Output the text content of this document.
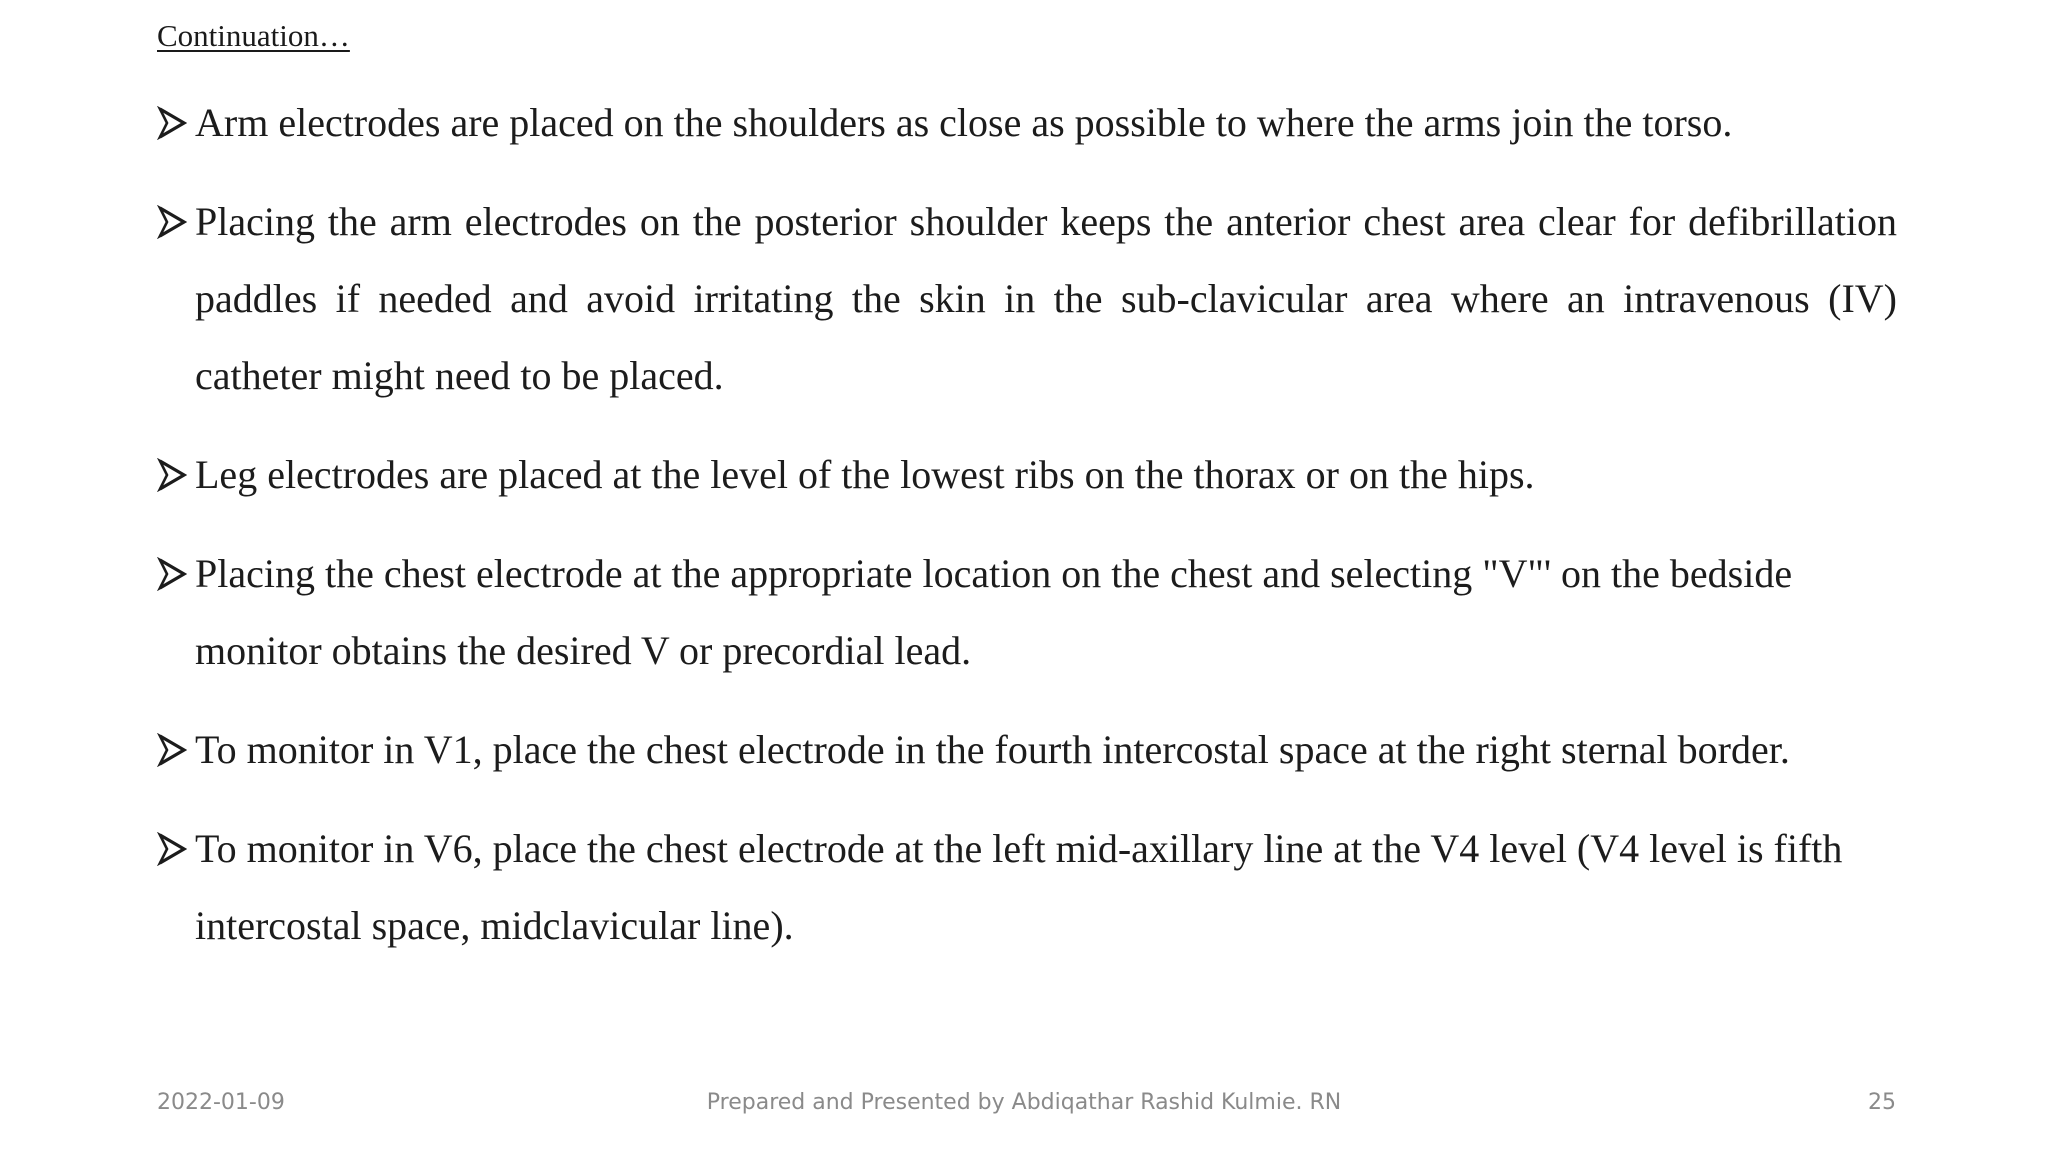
Continuation…
Arm electrodes are placed on the shoulders as close as possible to where the arms join the torso.
Placing the arm electrodes on the posterior shoulder keeps the anterior chest area clear for defibrillation paddles if needed and avoid irritating the skin in the sub-clavicular area where an intravenous (IV) catheter might need to be placed.
Leg electrodes are placed at the level of the lowest ribs on the thorax or on the hips.
Placing the chest electrode at the appropriate location on the chest and selecting "V"' on the bedside monitor obtains the desired V or precordial lead.
To monitor in V1, place the chest electrode in the fourth intercostal space at the right sternal border.
To monitor in V6, place the chest electrode at the left mid-axillary line at the V4 level (V4 level is fifth intercostal space, midclavicular line).
2022-01-09	Prepared and Presented by Abdiqathar Rashid Kulmie. RN	25
